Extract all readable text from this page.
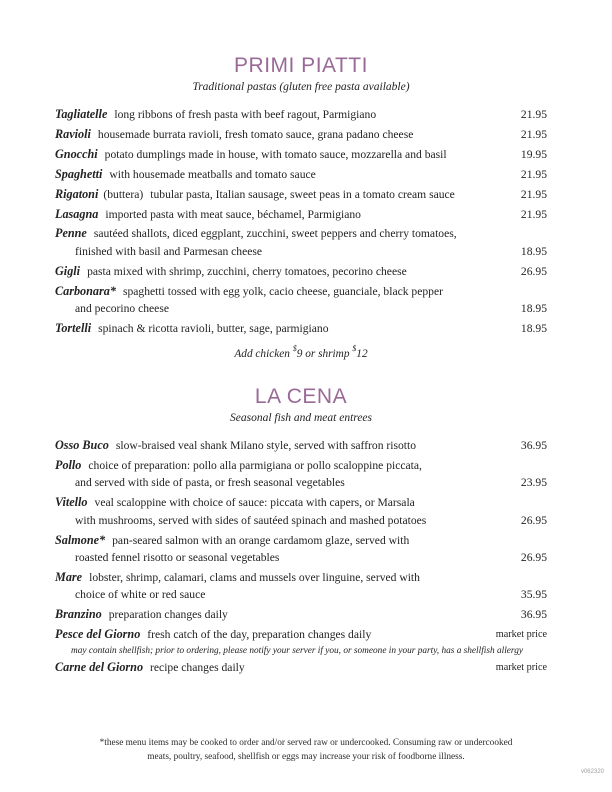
PRIMI PIATTI
Traditional pastas (gluten free pasta available)
Tagliatelle long ribbons of fresh pasta with beef ragout, Parmigiano	21.95
Ravioli housemade burrata ravioli, fresh tomato sauce, grana padano cheese	21.95
Gnocchi potato dumplings made in house, with tomato sauce, mozzarella and basil	19.95
Spaghetti with housemade meatballs and tomato sauce	21.95
Rigatoni (buttera) tubular pasta, Italian sausage, sweet peas in a tomato cream sauce	21.95
Lasagna imported pasta with meat sauce, béchamel, Parmigiano	21.95
Penne sautéed shallots, diced eggplant, zucchini, sweet peppers and cherry tomatoes,
finished with basil and Parmesan cheese	18.95
Gigli pasta mixed with shrimp, zucchini, cherry tomatoes, pecorino cheese	26.95
Carbonara* spaghetti tossed with egg yolk, cacio cheese, guanciale, black pepper
and pecorino cheese	18.95
Tortelli spinach & ricotta ravioli, butter, sage, parmigiano	18.95
Add chicken $9 or shrimp $12
LA CENA
Seasonal fish and meat entrees
Osso Buco slow-braised veal shank Milano style, served with saffron risotto	36.95
Pollo choice of preparation: pollo alla parmigiana or pollo scaloppine piccata,
and served with side of pasta, or fresh seasonal vegetables	23.95
Vitello veal scaloppine with choice of sauce: piccata with capers, or Marsala
with mushrooms, served with sides of sautéed spinach and mashed potatoes	26.95
Salmone* pan-seared salmon with an orange cardamom glaze, served with
roasted fennel risotto or seasonal vegetables	26.95
Mare lobster, shrimp, calamari, clams and mussels over linguine, served with
choice of white or red sauce	35.95
Branzino preparation changes daily	36.95
Pesce del Giorno fresh catch of the day, preparation changes daily	market price
may contain shellfish; prior to ordering, please notify your server if you, or someone in your party, has a shellfish allergy
Carne del Giorno recipe changes daily	market price
*these menu items may be cooked to order and/or served raw or undercooked. Consuming raw or undercooked
meats, poultry, seafood, shellfish or eggs may increase your risk of foodborne illness.
v062320
